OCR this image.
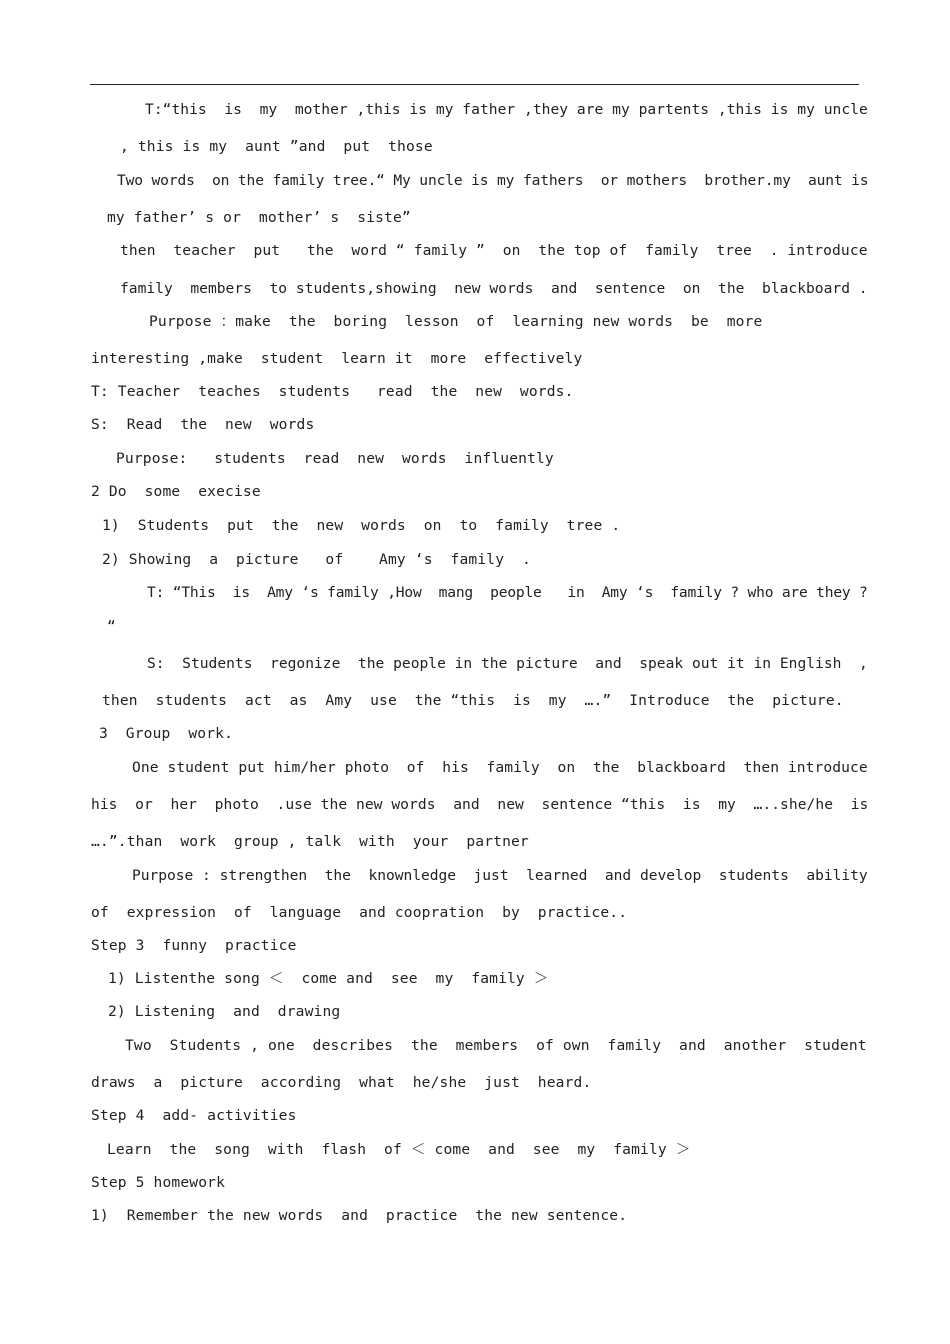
T:“this  is  my  mother ,this is my father ,they are my partents ,this is my uncle
, this is my  aunt ”and  put  those
Two words  on the family tree.“ My uncle is my fathers  or mothers  brother.my  aunt is
my father’ s or  mother’ s  siste”
then  teacher  put   the  word “ family ”  on  the top of  family  tree  . introduce
family  members  to students,showing  new words  and  sentence  on  the  blackboard .
Purpose ：make  the  boring  lesson  of  learning new words  be  more
interesting ,make  student  learn it  more  effectively
T: Teacher  teaches  students   read  the  new  words.
S:  Read  the  new  words
Purpose:   students  read  new  words  influently
2 Do  some  execise
1)  Students  put  the  new  words  on  to  family  tree .
2) Showing  a  picture   of    Amy ‘s  family  .
T: “This  is  Amy ‘s family ,How  mang  people   in  Amy ‘s  family ? who are they ?
“
S:  Students  regonize  the people in the picture  and  speak out it in English  ,
then  students  act  as  Amy  use  the “this  is  my  ….”  Introduce  the  picture.
3  Group  work.
One student put him/her photo  of  his  family  on  the  blackboard  then introduce
his  or  her  photo  .use the new words  and  new  sentence “this  is  my  …..she/he  is
….”.than  work  group , talk  with  your  partner
Purpose : strengthen  the  knownledge  just  learned  and develop  students  ability
of  expression  of  language  and coopration  by  practice..
Step 3  funny  practice
1) Listenthe song ＜  come and  see  my  family ＞
2) Listening  and  drawing
Two  Students , one  describes  the  members  of own  family  and  another  student
draws  a  picture  according  what  he/she  just  heard.
Step 4  add- activities
Learn  the  song  with  flash  of ＜ come  and  see  my  family ＞
Step 5 homework
1)  Remember the new words  and  practice  the new sentence.
